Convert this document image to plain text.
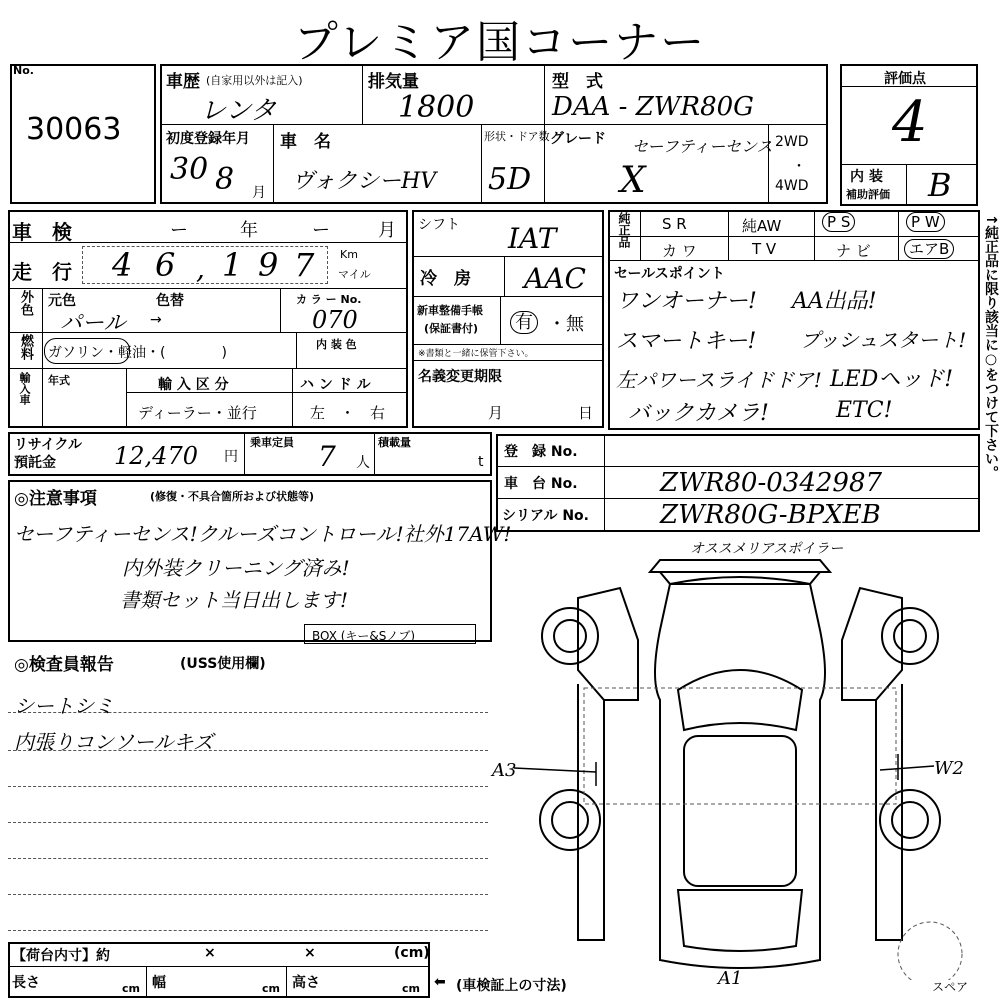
プレミア国コーナー
No.
30063
車歴 (自家用以外は記入)
レンタ
排気量
1800
型　式
DAA - ZWR80G
初度登録年月
30 8 月
車　名
ヴォクシーHV
形状・ドア数
5D
グレード セーフティーセンス
X
2WD
・
4WD
評価点
4
内 装
補助評価 B
車　検	ー	年	ー	月
走　行 4 6 , 1 9 7 Km
マイル
外色 元色	色替
パール →
カ ラ ー No.
070
燃料 ガソリン・軽油・(　　　　)
内 装 色
輸入車 年式	輸 入 区 分
ディーラー・並行
ハ ン ド ル
左　・　右
シフト IAT
冷　房 AAC
新車整備手帳
(保証書付) 有 ・ 無
※書類と一緒に保管下さい。
名義変更期限
月	日
純正品 S R	純AW	P S	P W
カ ワ	T V	ナ ビ	エアB
セールスポイント
ワンオーナー! AA出品!
スマートキー! プッシュスタート!
左パワースライドドア! LEDヘッド!
バックカメラ!	ETC!	↑純正品に限り該当に○をつけて下さい。
リサイクル
預託金 12,470 円
乗車定員 7 人
積載量
t
登　録 No.
車　台 No.	ZWR80-0342987
シリアル No.	ZWR80G-BPXEB
◎注意事項	(修復・不具合箇所および状態等)
セーフティーセンス!クルーズコントロール!社外17AW!
内外装クリーニング済み!
書類セット当日出します!
BOX (キー&Sノブ)
◎検査員報告	(USS使用欄)
シートシミ
内張りコンソールキズ
オススメリアスポイラー
A3	W2
A1	スペア
【荷台内寸】約	×	×	(cm)
長さ	cm 幅	cm 高さ	cm ⬅ (車検証上の寸法)
